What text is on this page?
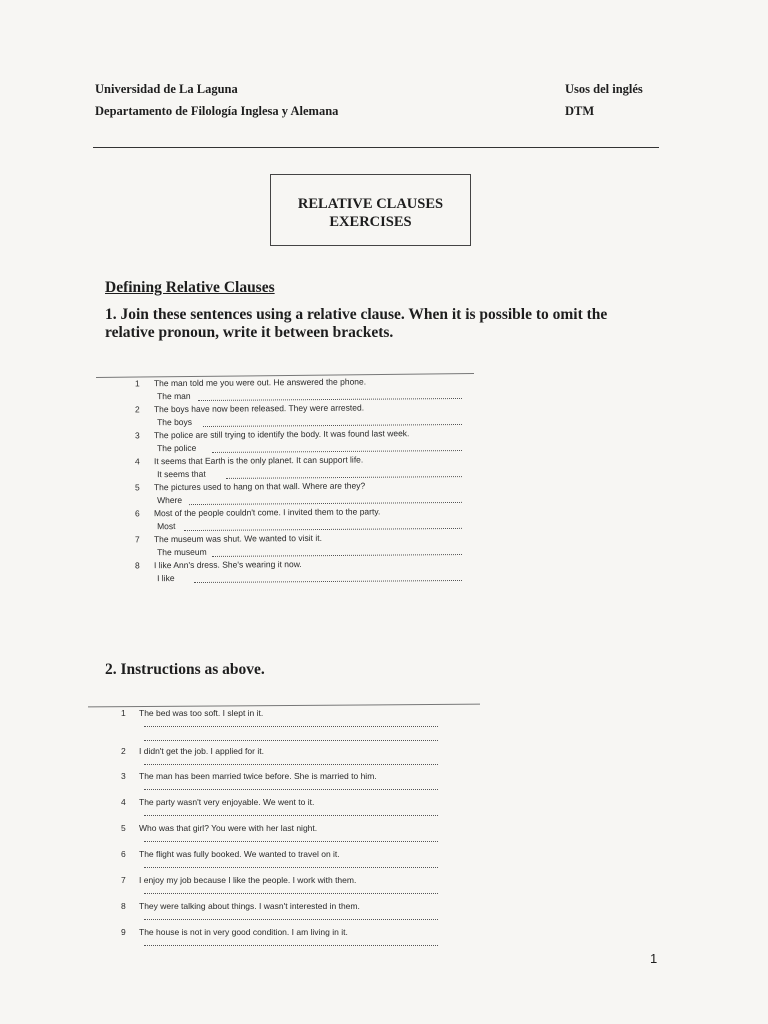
Universidad de La Laguna
Departamento de Filología Inglesa y Alemana
Usos del inglés
DTM
RELATIVE CLAUSES
EXERCISES
Defining Relative Clauses
1. Join these sentences using a relative clause. When it is possible to omit the relative pronoun, write it between brackets.
1 The man told me you were out. He answered the phone.
The man
2 The boys have now been released. They were arrested.
The boys
3 The police are still trying to identify the body. It was found last week.
The police
4 It seems that Earth is the only planet. It can support life.
It seems that
5 The pictures used to hang on that wall. Where are they?
Where
6 Most of the people couldn't come. I invited them to the party.
Most
7 The museum was shut. We wanted to visit it.
The museum
8 I like Ann's dress. She's wearing it now.
I like
2. Instructions as above.
1 The bed was too soft. I slept in it.
2 I didn't get the job. I applied for it.
3 The man has been married twice before. She is married to him.
4 The party wasn't very enjoyable. We went to it.
5 Who was that girl? You were with her last night.
6 The flight was fully booked. We wanted to travel on it.
7 I enjoy my job because I like the people. I work with them.
8 They were talking about things. I wasn't interested in them.
9 The house is not in very good condition. I am living in it.
1
